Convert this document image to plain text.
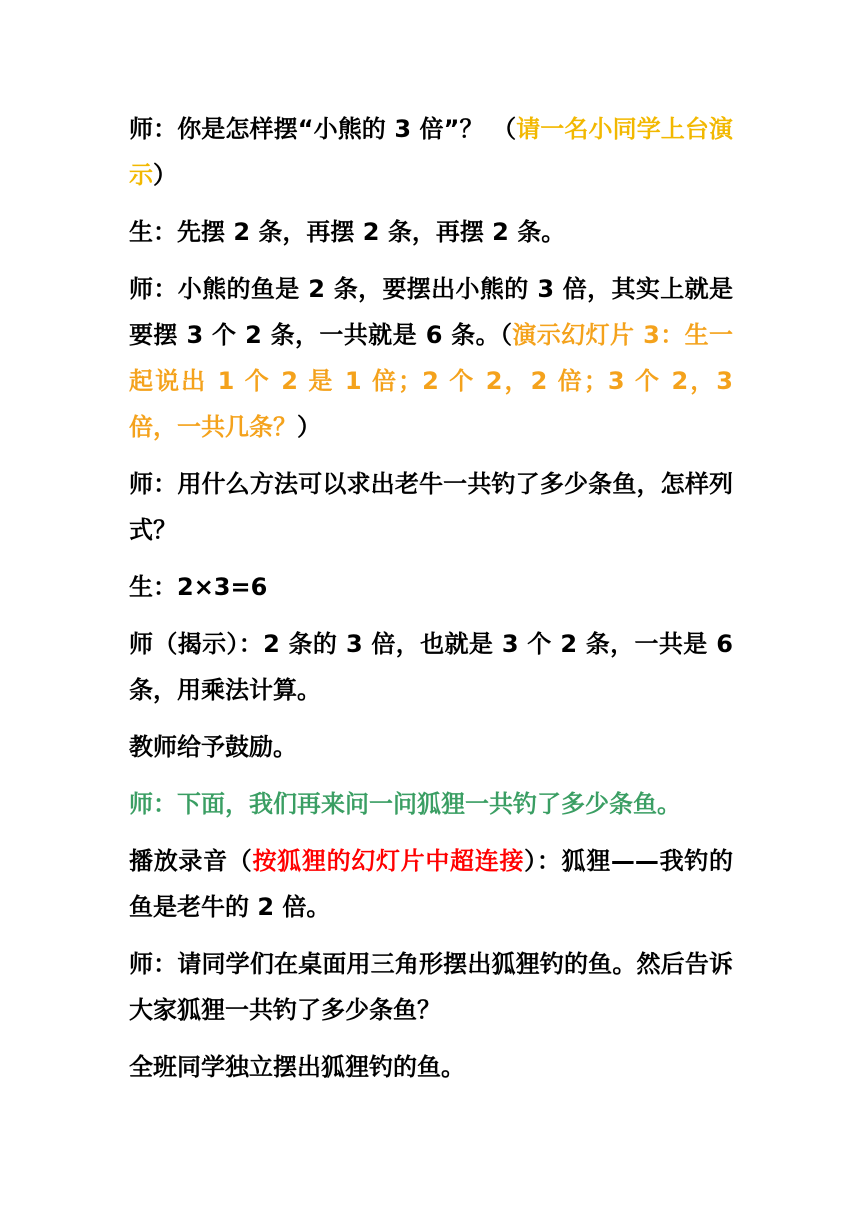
师：你是怎样摆“小熊的 3 倍”？ （请一名小同学上台演示）

生：先摆 2 条，再摆 2 条，再摆 2 条。

师：小熊的鱼是 2 条，要摆出小熊的 3 倍，其实上就是要摆 3 个 2 条，一共就是 6 条。（演示幻灯片 3：生一起说出 1 个 2 是 1 倍；2 个 2，2 倍；3 个 2，3 倍，一共几条？）

师：用什么方法可以求出老牛一共钓了多少条鱼，怎样列式？

生：2×3=6

师（揭示）：2 条的 3 倍，也就是 3 个 2 条，一共是 6 条，用乘法计算。

教师给予鼓励。

师：下面，我们再来问一问狐狸一共钓了多少条鱼。

播放录音（按狐狸的幻灯片中超连接）：狐狸——我钓的鱼是老牛的 2 倍。

师：请同学们在桌面用三角形摆出狐狸钓的鱼。然后告诉大家狐狸一共钓了多少条鱼？

全班同学独立摆出狐狸钓的鱼。
